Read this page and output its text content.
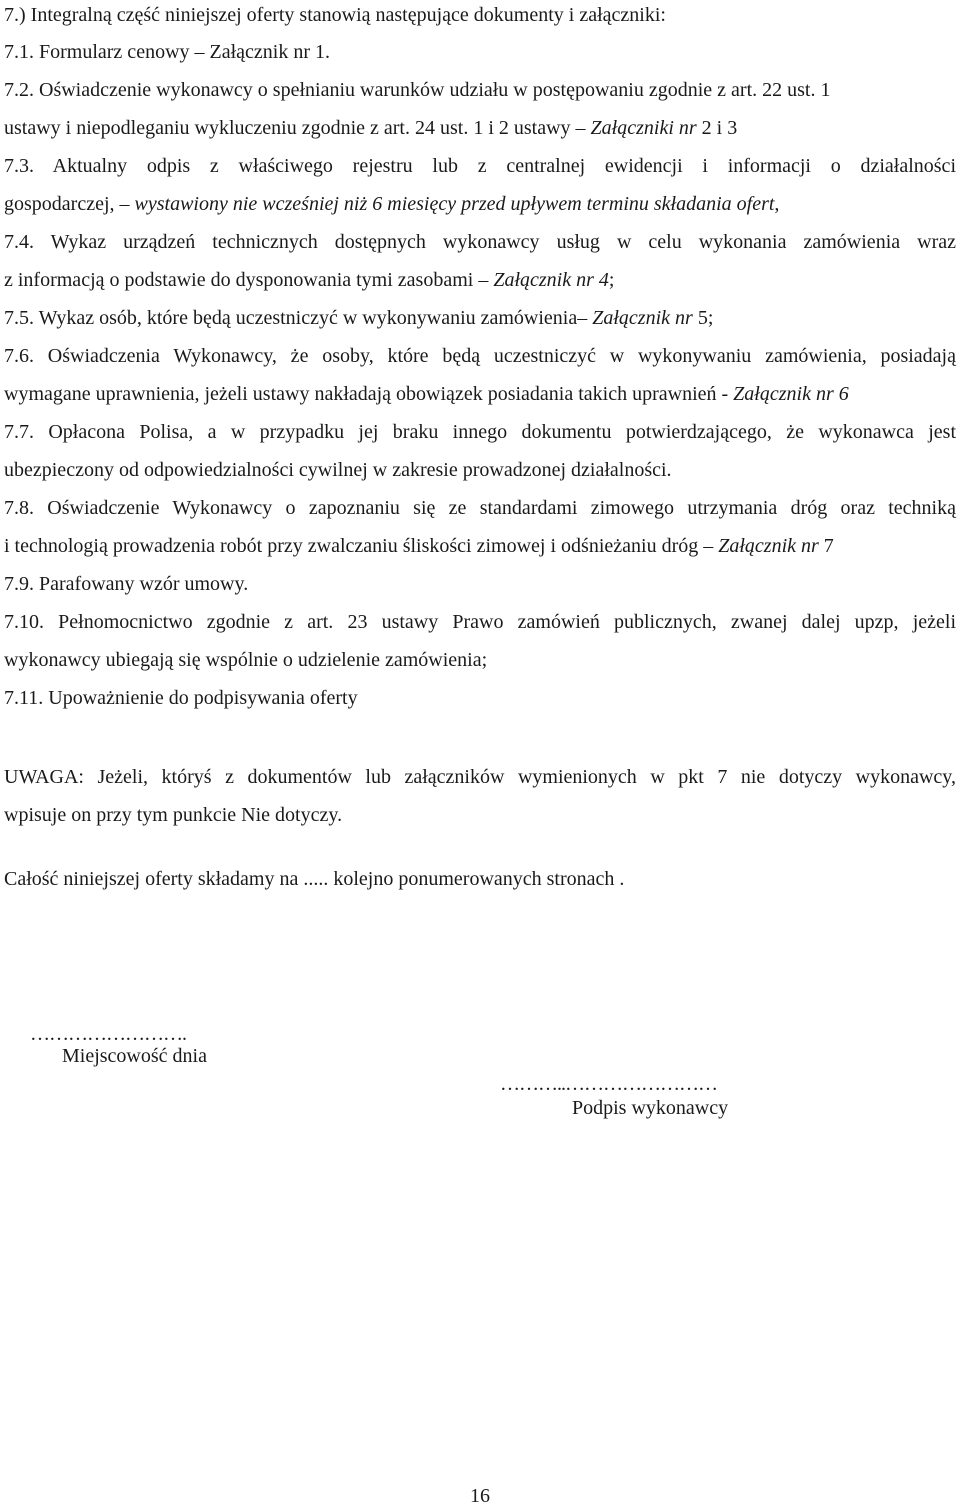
7.) Integralną część niniejszej oferty stanowią następujące dokumenty i załączniki:
7.1. Formularz cenowy – Załącznik nr 1.
7.2. Oświadczenie wykonawcy o spełnianiu warunków udziału w postępowaniu zgodnie z art. 22 ust. 1
ustawy i niepodleganiu wykluczeniu zgodnie z art. 24 ust. 1 i 2 ustawy – Załączniki nr 2 i 3
7.3. Aktualny odpis z właściwego rejestru lub z centralnej ewidencji i informacji o działalności
gospodarczej, – wystawiony nie wcześniej niż 6 miesięcy przed upływem terminu składania ofert,
7.4. Wykaz urządzeń technicznych dostępnych wykonawcy usług w celu wykonania zamówienia wraz
z informacją o podstawie do dysponowania tymi zasobami – Załącznik nr 4;
7.5. Wykaz osób, które będą uczestniczyć w wykonywaniu zamówienia– Załącznik nr 5;
7.6. Oświadczenia Wykonawcy, że osoby, które będą uczestniczyć w wykonywaniu zamówienia, posiadają
wymagane uprawnienia, jeżeli ustawy nakładają obowiązek posiadania takich uprawnień - Załącznik nr 6
7.7. Opłacona Polisa, a w przypadku jej braku innego dokumentu potwierdzającego, że wykonawca jest
ubezpieczony od odpowiedzialności cywilnej w zakresie prowadzonej działalności.
7.8. Oświadczenie Wykonawcy o zapoznaniu się ze standardami zimowego utrzymania dróg oraz techniką
i technologią prowadzenia robót przy zwalczaniu śliskości zimowej i odśnieżaniu dróg – Załącznik nr 7
7.9. Parafowany wzór umowy.
7.10. Pełnomocnictwo zgodnie z art. 23 ustawy Prawo zamówień publicznych, zwanej dalej upzp, jeżeli
wykonawcy ubiegają się wspólnie o udzielenie zamówienia;
7.11. Upoważnienie do podpisywania oferty
UWAGA: Jeżeli, któryś z dokumentów lub załączników wymienionych w pkt 7 nie dotyczy wykonawcy,
wpisuje on przy tym punkcie Nie dotyczy.
Całość niniejszej oferty składamy na ..... kolejno ponumerowanych stronach .
…………………….
Miejscowość dnia
………..……………………
Podpis wykonawcy
16
